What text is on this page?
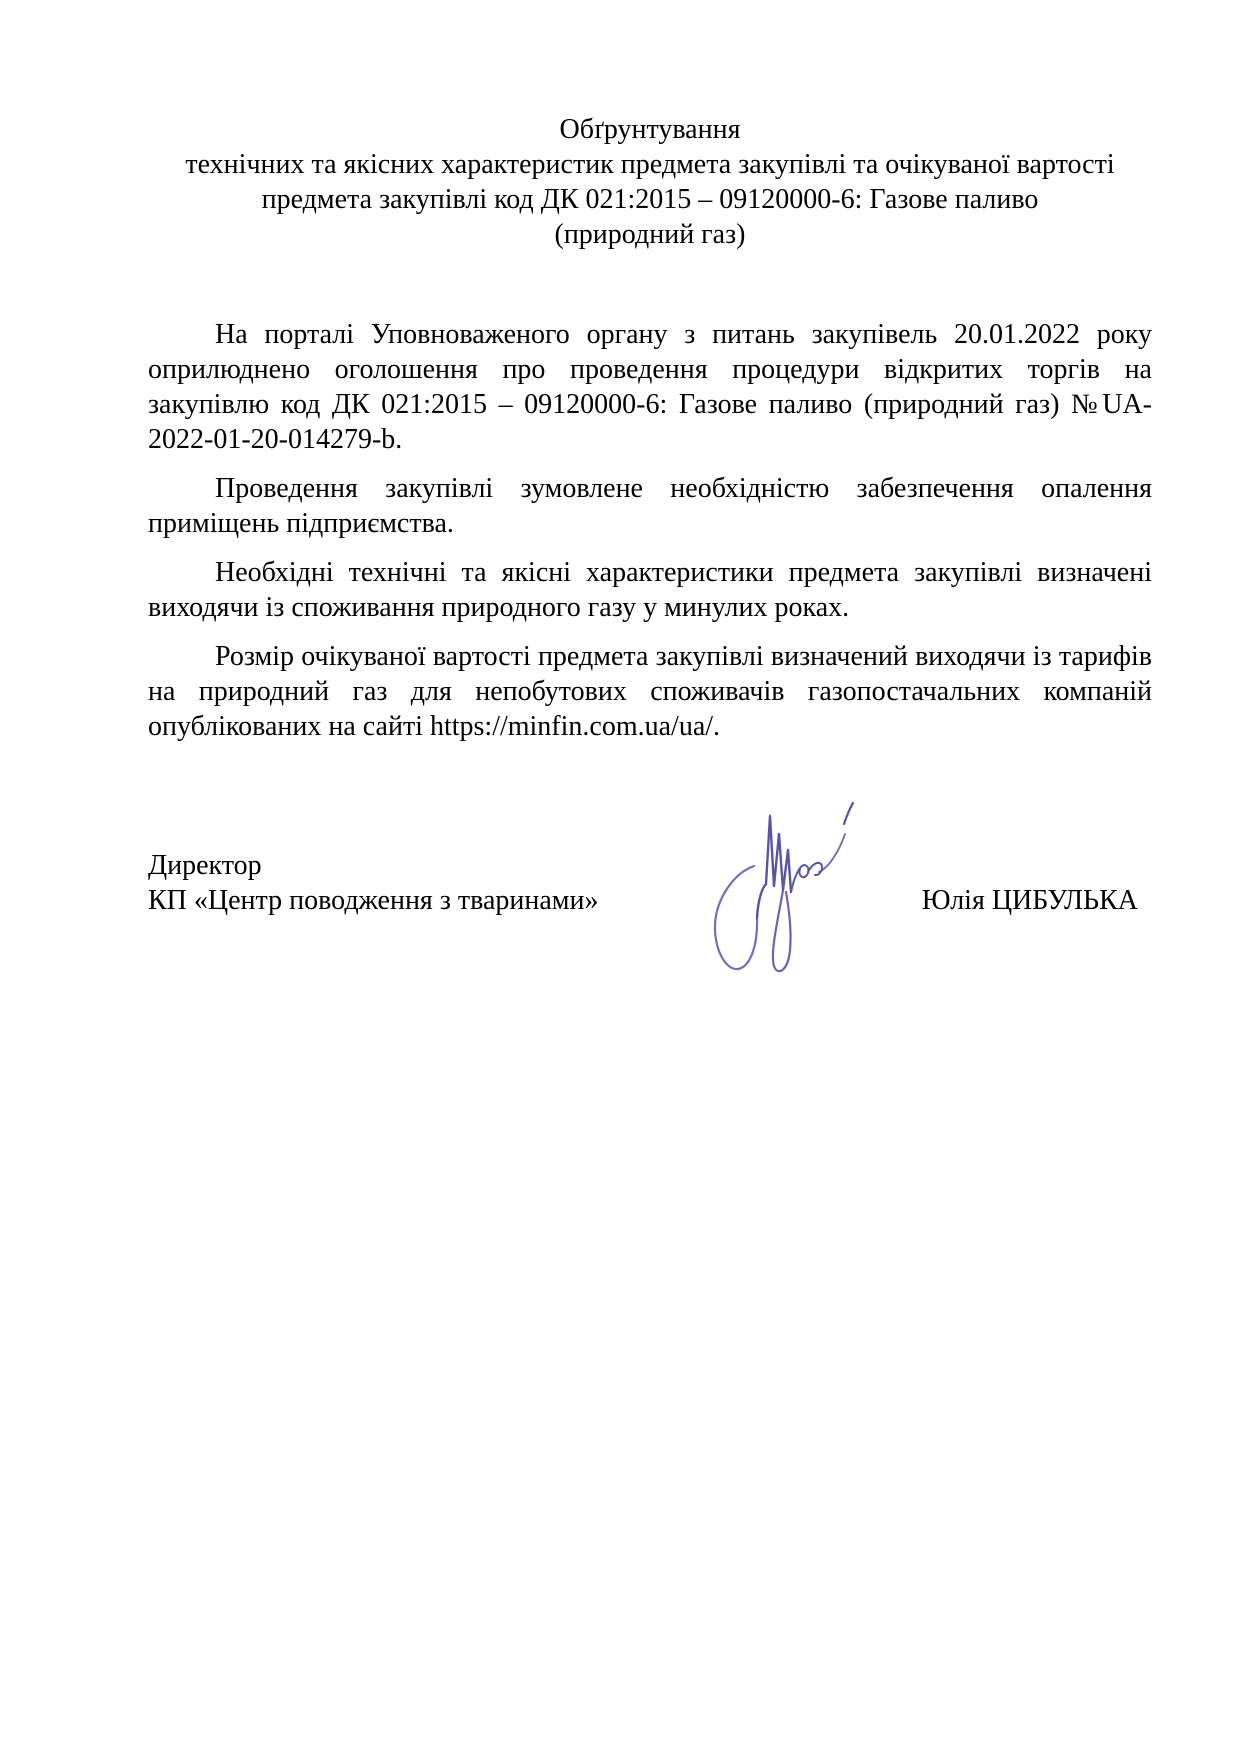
Обґрунтування
технічних та якісних характеристик предмета закупівлі та очікуваної вартості
предмета закупівлі код ДК 021:2015 – 09120000-6: Газове паливо
(природний газ)

На порталі Уповноваженого органу з питань закупівель 20.01.2022 року оприлюднено оголошення про проведення процедури відкритих торгів на закупівлю код ДК 021:2015 – 09120000-6: Газове паливо (природний газ) №UA-2022-01-20-014279-b.

Проведення закупівлі зумовлене необхідністю забезпечення опалення приміщень підприємства.

Необхідні технічні та якісні характеристики предмета закупівлі визначені виходячи із споживання природного газу у минулих роках.

Розмір очікуваної вартості предмета закупівлі визначений виходячи із тарифів на природний газ для непобутових споживачів газопостачальних компаній опублікованих на сайті https://minfin.com.ua/ua/.

Директор
КП «Центр поводження з тваринами»	Юлія ЦИБУЛЬКА
